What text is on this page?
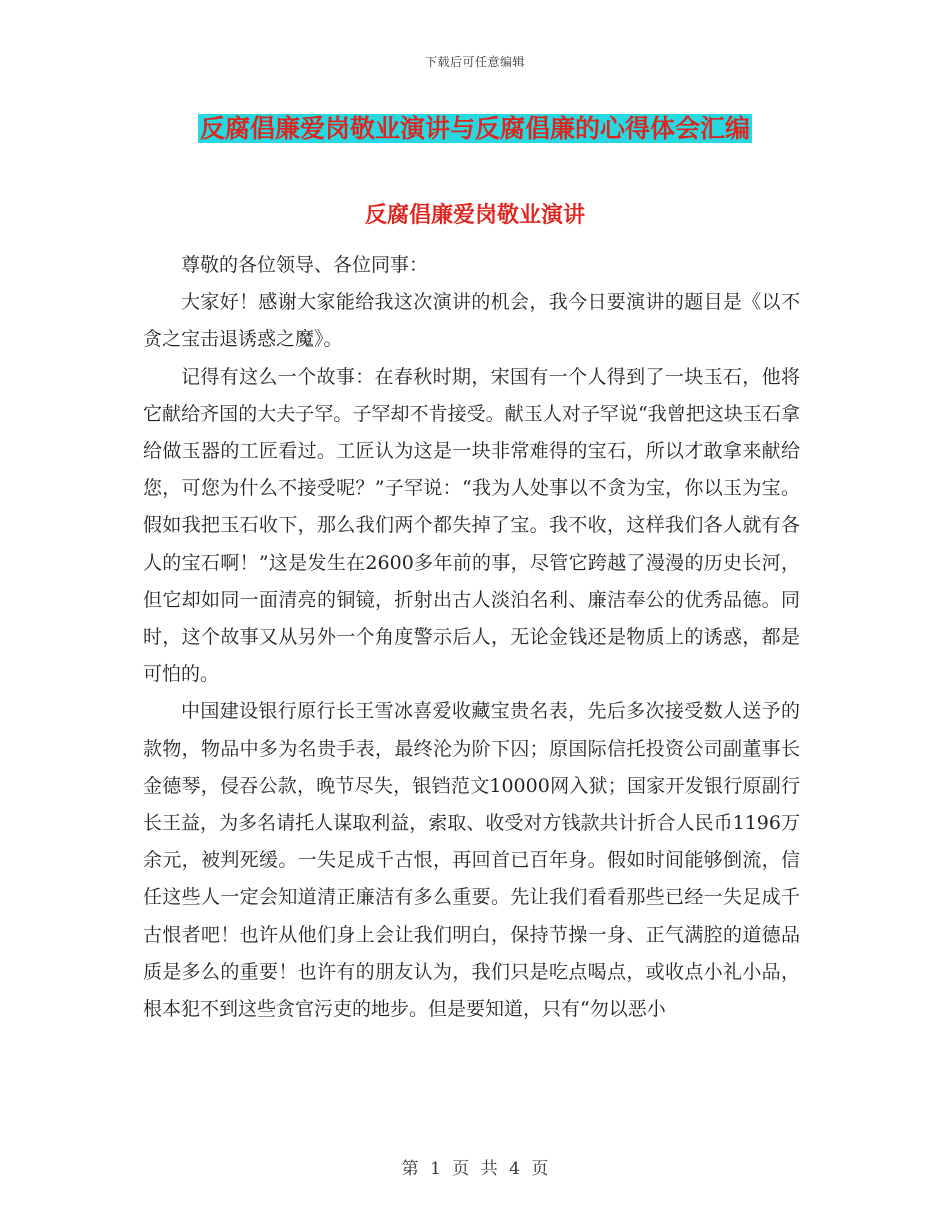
下载后可任意编辑
反腐倡廉爱岗敬业演讲与反腐倡廉的心得体会汇编
反腐倡廉爱岗敬业演讲

尊敬的各位领导、各位同事：

大家好！感谢大家能给我这次演讲的机会，我今日要演讲的题目是《以不贪之宝击退诱惑之魔》。

记得有这么一个故事：在春秋时期，宋国有一个人得到了一块玉石，他将它献给齐国的大夫子罕。子罕却不肯接受。献玉人对子罕说“我曾把这块玉石拿给做玉器的工匠看过。工匠认为这是一块非常难得的宝石，所以才敢拿来献给您，可您为什么不接受呢？”子罕说：“我为人处事以不贪为宝，你以玉为宝。假如我把玉石收下，那么我们两个都失掉了宝。我不收，这样我们各人就有各人的宝石啊！”这是发生在2600多年前的事，尽管它跨越了漫漫的历史长河，但它却如同一面清亮的铜镜，折射出古人淡泊名利、廉洁奉公的优秀品德。同时，这个故事又从另外一个角度警示后人，无论金钱还是物质上的诱惑，都是可怕的。

中国建设银行原行长王雪冰喜爱收藏宝贵名表，先后多次接受数人送予的款物，物品中多为名贵手表，最终沦为阶下囚；原国际信托投资公司副董事长金德琴，侵吞公款，晚节尽失，银铛范文10000网入狱；国家开发银行原副行长王益，为多名请托人谋取利益，索取、收受对方钱款共计折合人民币1196万余元，被判死缓。一失足成千古恨，再回首已百年身。假如时间能够倒流，信任这些人一定会知道清正廉洁有多么重要。先让我们看看那些已经一失足成千古恨者吧！也许从他们身上会让我们明白，保持节操一身、正气满腔的道德品质是多么的重要！也许有的朋友认为，我们只是吃点喝点，或收点小礼小品，根本犯不到这些贪官污吏的地步。但是要知道，只有“勿以恶小

第 1 页 共 4 页
